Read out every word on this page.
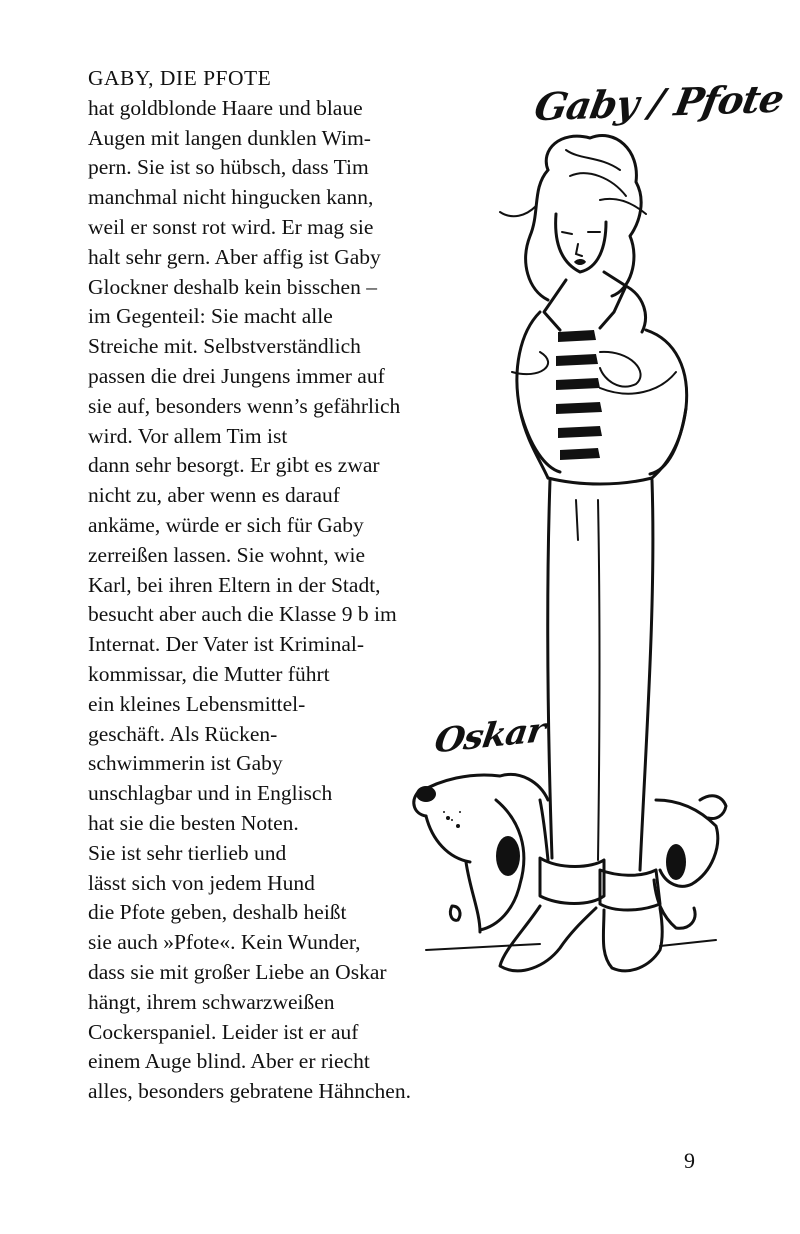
Gaby / Pfote
Oskar
GABY, DIE PFOTE
hat goldblonde Haare und blaue
Augen mit langen dunklen Wim-
pern. Sie ist so hübsch, dass Tim
manchmal nicht hingucken kann,
weil er sonst rot wird. Er mag sie
halt sehr gern. Aber affig ist Gaby
Glockner deshalb kein bisschen –
im Gegenteil: Sie macht alle
Streiche mit. Selbstverständlich
passen die drei Jungens immer auf
sie auf, besonders wenn’s gefährlich
wird. Vor allem Tim ist
dann sehr besorgt. Er gibt es zwar
nicht zu, aber wenn es darauf
ankäme, würde er sich für Gaby
zerreißen lassen. Sie wohnt, wie
Karl, bei ihren Eltern in der Stadt,
besucht aber auch die Klasse 9 b im
Internat. Der Vater ist Kriminal-
kommissar, die Mutter führt
ein kleines Lebensmittel-
geschäft. Als Rücken-
schwimmerin ist Gaby
unschlagbar und in Englisch
hat sie die besten Noten.
Sie ist sehr tierlieb und
lässt sich von jedem Hund
die Pfote geben, deshalb heißt
sie auch »Pfote«. Kein Wunder,
dass sie mit großer Liebe an Oskar
hängt, ihrem schwarzweißen
Cockerspaniel. Leider ist er auf
einem Auge blind. Aber er riecht
alles, besonders gebratene Hähnchen.
9
